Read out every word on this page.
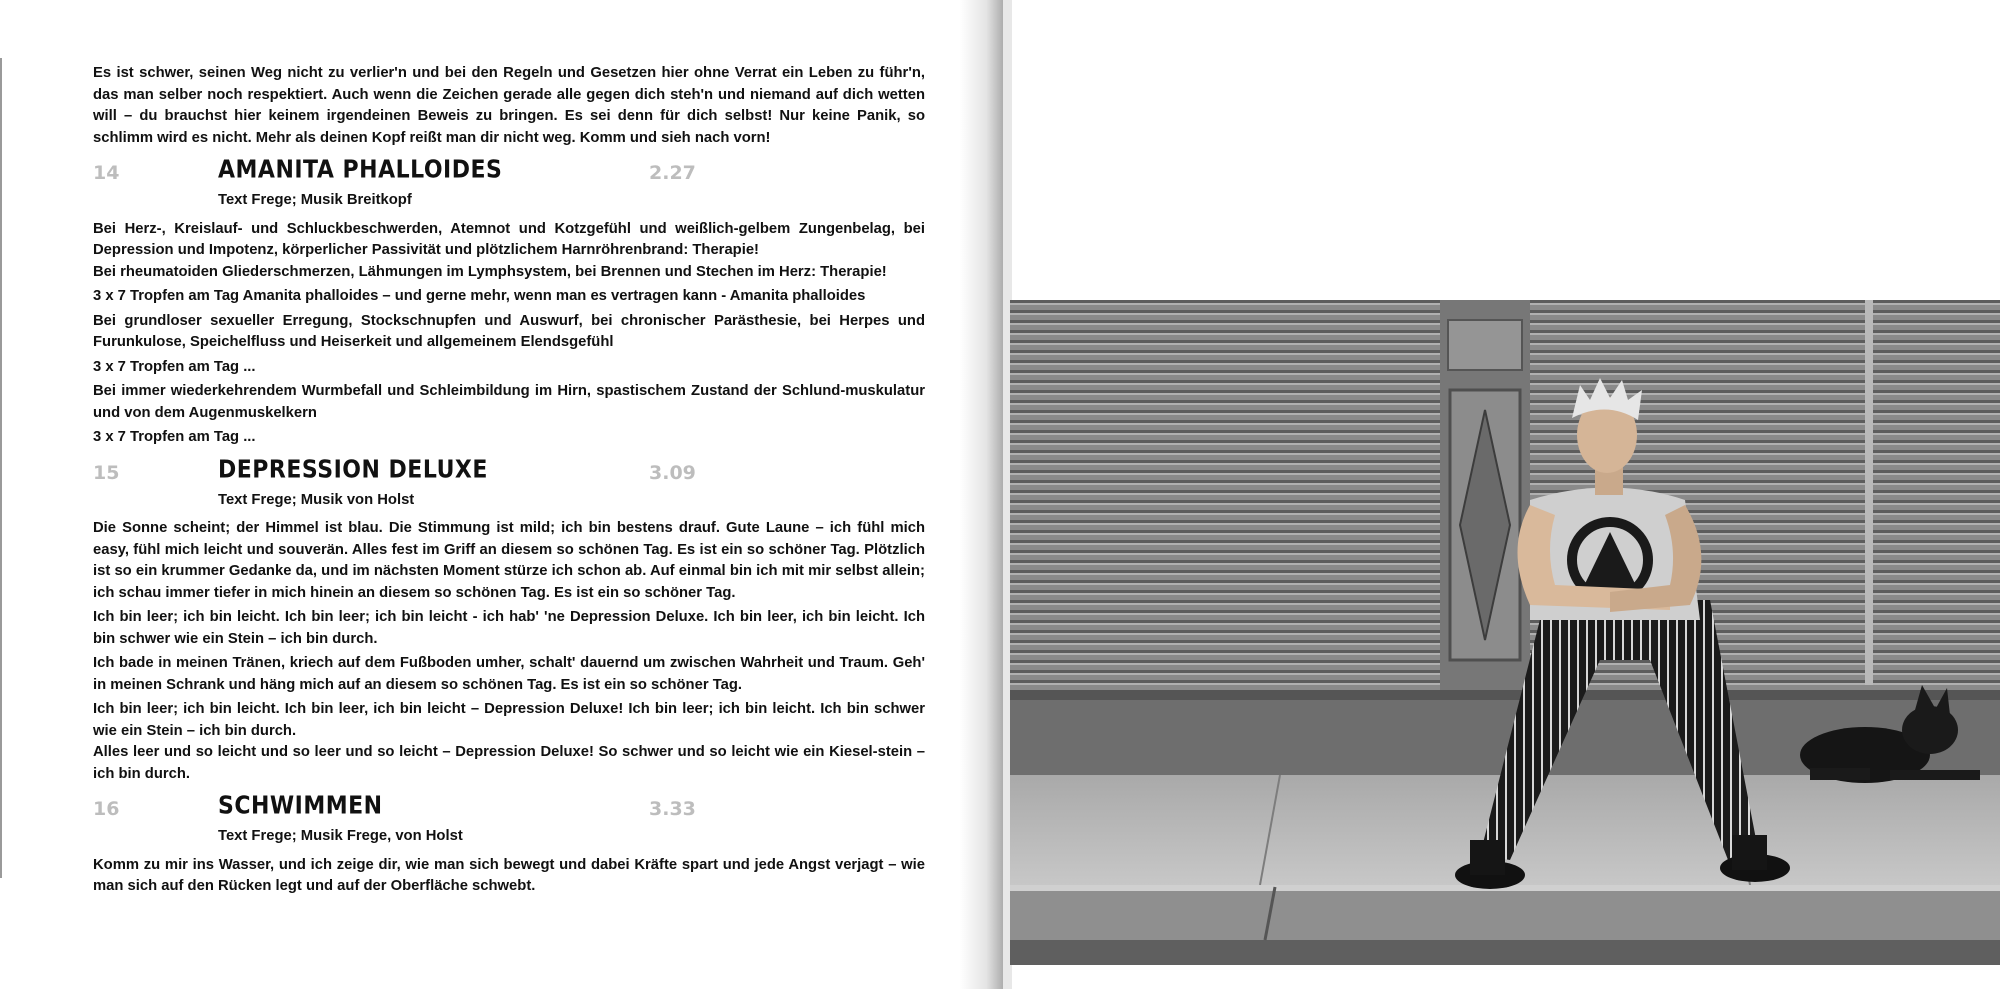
Es ist schwer, seinen Weg nicht zu verlier'n und bei den Regeln und Gesetzen hier ohne Verrat ein Leben zu führ'n, das man selber noch respektiert. Auch wenn die Zeichen gerade alle gegen dich steh'n und niemand auf dich wetten will – du brauchst hier keinem irgendeinen Beweis zu bringen. Es sei denn für dich selbst! Nur keine Panik, so schlimm wird es nicht. Mehr als deinen Kopf reißt man dir nicht weg. Komm und sieh nach vorn!

14	AMANITA PHALLOIDES	2.27
Text Frege; Musik Breitkopf

Bei Herz-, Kreislauf- und Schluckbeschwerden, Atemnot und Kotzgefühl und weißlich-gelbem Zungenbelag, bei Depression und Impotenz, körperlicher Passivität und plötzlichem Harnröhrenbrand: Therapie!

Bei rheumatoiden Gliederschmerzen, Lähmungen im Lymphsystem, bei Brennen und Stechen im Herz: Therapie!

3 x 7 Tropfen am Tag Amanita phalloides – und gerne mehr, wenn man es vertragen kann - Amanita phalloides

Bei grundloser sexueller Erregung, Stockschnupfen und Auswurf, bei chronischer Parästhesie, bei Herpes und Furunkulose, Speichelfluss und Heiserkeit und allgemeinem Elendsgefühl

3 x 7 Tropfen am Tag ...

Bei immer wiederkehrendem Wurmbefall und Schleimbildung im Hirn, spastischem Zustand der Schlund-muskulatur und von dem Augenmuskelkern

3 x 7 Tropfen am Tag ...

15	DEPRESSION DELUXE	3.09
Text Frege; Musik von Holst

Die Sonne scheint; der Himmel ist blau. Die Stimmung ist mild; ich bin bestens drauf. Gute Laune – ich fühl mich easy, fühl mich leicht und souverän. Alles fest im Griff an diesem so schönen Tag. Es ist ein so schöner Tag. Plötzlich ist so ein krummer Gedanke da, und im nächsten Moment stürze ich schon ab. Auf einmal bin ich mit mir selbst allein; ich schau immer tiefer in mich hinein an diesem so schönen Tag. Es ist ein so schöner Tag.

Ich bin leer; ich bin leicht. Ich bin leer; ich bin leicht - ich hab' 'ne Depression Deluxe. Ich bin leer, ich bin leicht. Ich bin schwer wie ein Stein – ich bin durch.

Ich bade in meinen Tränen, kriech auf dem Fußboden umher, schalt' dauernd um zwischen Wahrheit und Traum. Geh' in meinen Schrank und häng mich auf an diesem so schönen Tag. Es ist ein so schöner Tag.

Ich bin leer; ich bin leicht. Ich bin leer, ich bin leicht – Depression Deluxe! Ich bin leer; ich bin leicht. Ich bin schwer wie ein Stein – ich bin durch.

Alles leer und so leicht und so leer und so leicht – Depression Deluxe! So schwer und so leicht wie ein Kiesel-stein – ich bin durch.

16	SCHWIMMEN	3.33
Text Frege; Musik Frege, von Holst

Komm zu mir ins Wasser, und ich zeige dir, wie man sich bewegt und dabei Kräfte spart und jede Angst verjagt – wie man sich auf den Rücken legt und auf der Oberfläche schwebt.
